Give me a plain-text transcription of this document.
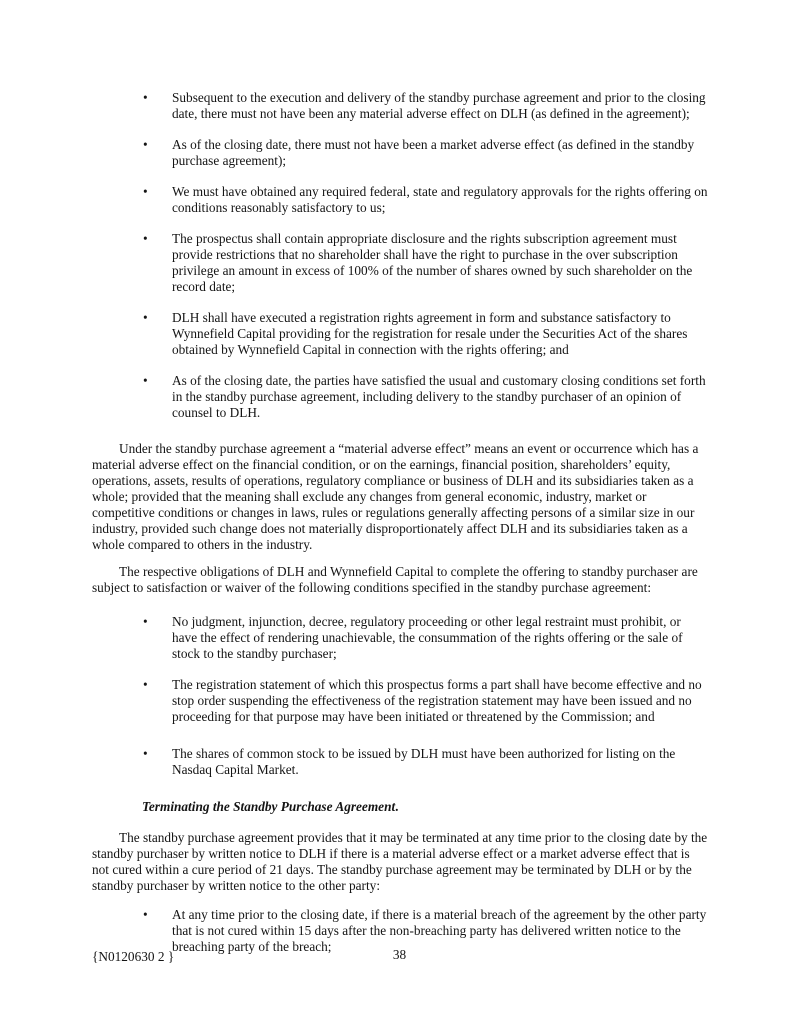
• Subsequent to the execution and delivery of the standby purchase agreement and prior to the closing date, there must not have been any material adverse effect on DLH (as defined in the agreement);
• As of the closing date, there must not have been a market adverse effect (as defined in the standby purchase agreement);
• We must have obtained any required federal, state and regulatory approvals for the rights offering on conditions reasonably satisfactory to us;
• The prospectus shall contain appropriate disclosure and the rights subscription agreement must provide restrictions that no shareholder shall have the right to purchase in the over subscription privilege an amount in excess of 100% of the number of shares owned by such shareholder on the record date;
• DLH shall have executed a registration rights agreement in form and substance satisfactory to Wynnefield Capital providing for the registration for resale under the Securities Act of the shares obtained by Wynnefield Capital in connection with the rights offering; and
• As of the closing date, the parties have satisfied the usual and customary closing conditions set forth in the standby purchase agreement, including delivery to the standby purchaser of an opinion of counsel to DLH.
Under the standby purchase agreement a “material adverse effect” means an event or occurrence which has a material adverse effect on the financial condition, or on the earnings, financial position, shareholders’ equity, operations, assets, results of operations, regulatory compliance or business of DLH and its subsidiaries taken as a whole; provided that the meaning shall exclude any changes from general economic, industry, market or competitive conditions or changes in laws, rules or regulations generally affecting persons of a similar size in our industry, provided such change does not materially disproportionately affect DLH and its subsidiaries taken as a whole compared to others in the industry.
The respective obligations of DLH and Wynnefield Capital to complete the offering to standby purchaser are subject to satisfaction or waiver of the following conditions specified in the standby purchase agreement:
• No judgment, injunction, decree, regulatory proceeding or other legal restraint must prohibit, or have the effect of rendering unachievable, the consummation of the rights offering or the sale of stock to the standby purchaser;
• The registration statement of which this prospectus forms a part shall have become effective and no stop order suspending the effectiveness of the registration statement may have been issued and no proceeding for that purpose may have been initiated or threatened by the Commission; and
• The shares of common stock to be issued by DLH must have been authorized for listing on the Nasdaq Capital Market.
Terminating the Standby Purchase Agreement.
The standby purchase agreement provides that it may be terminated at any time prior to the closing date by the standby purchaser by written notice to DLH if there is a material adverse effect or a market adverse effect that is not cured within a cure period of 21 days. The standby purchase agreement may be terminated by DLH or by the standby purchaser by written notice to the other party:
• At any time prior to the closing date, if there is a material breach of the agreement by the other party that is not cured within 15 days after the non-breaching party has delivered written notice to the breaching party of the breach;
{N0120630 2 }	38
